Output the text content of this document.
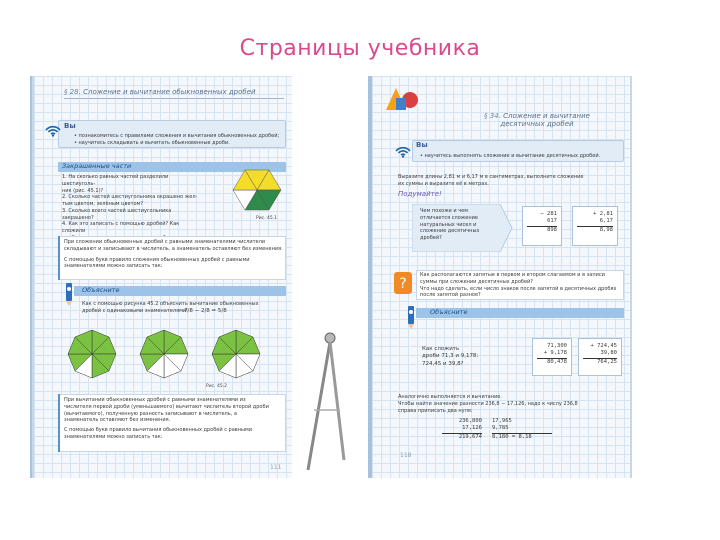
Страницы учебника
§ 28. Сложение и вычитание обыкновенных дробей
Вы
• познакомитесь с правилами сложения и вычитания обыкновенных дробей;
• научитесь складывать и вычитать обыкновенные дроби.
Закрашенные части
1. На сколько равных частей разделили шестиуголь-
ник (рис. 45.1)?
2. Сколько частей шестиугольника окрашено жел-
тым цветом, зелёным цветом?
3. Сколько всего частей шестиугольника закрашено?
4. Как это записать с помощью дробей? Как сложили
Рис. 45.1
При сложении обыкновенных дробей с равными знаменателями числители
складывают и записывают в числитель, а знаменатель оставляют без изменения.
С помощью букв правило сложения обыкновенных дробей с равными
знаменателями можно записать так:
Объясните
Как с помощью рисунка 45.2 объяснить вычитание обыкновенных
дробей с одинаковыми знаменателями:
7/8 − 2/8 = 5/8
Рис. 45.2
При вычитании обыкновенных дробей с равными знаменателями из
числителя первой дроби (уменьшаемого) вычитают числитель второй дроби
(вычитаемого), полученную разность записывают в числитель, а
знаменатель оставляют без изменения.
С помощью букв правило вычитания обыкновенных дробей с равными
знаменателями можно записать так:
111
§ 34. Сложение и вычитание
десятичных дробей
Вы
• научитесь выполнять сложение и вычитание десятичных дробей.
Выразите длины 2,81 м и 6,17 м в сантиметрах, выполните сложение
их суммы и выразите её в метрах.
Подумайте!
Чем похоже и чем
отличается сложение
натуральных чисел и
сложение десятичных
дробей?
− 281
617
898
+ 2,81
6,17
8,98
?
Как располагаются запятые в первом и втором слагаемом и в записи
суммы при сложении десятичных дробей?
Что надо сделать, если число знаков после запятой в десятичных дробях
после запятой разное?
Объясните
Как сложить
дроби 71,3 и 9,178;
724,45 и 39,8?
71,300
+ 9,178
80,478
+ 724,45
39,80
764,25
Аналогично выполняется и вычитание.
Чтобы найти значение разности 236,8 − 17,126, надо к числу 236,8
справа приписать два нуля:
236,800
17,126
219,674
17,965
9,785
8,180 = 8,18
118
